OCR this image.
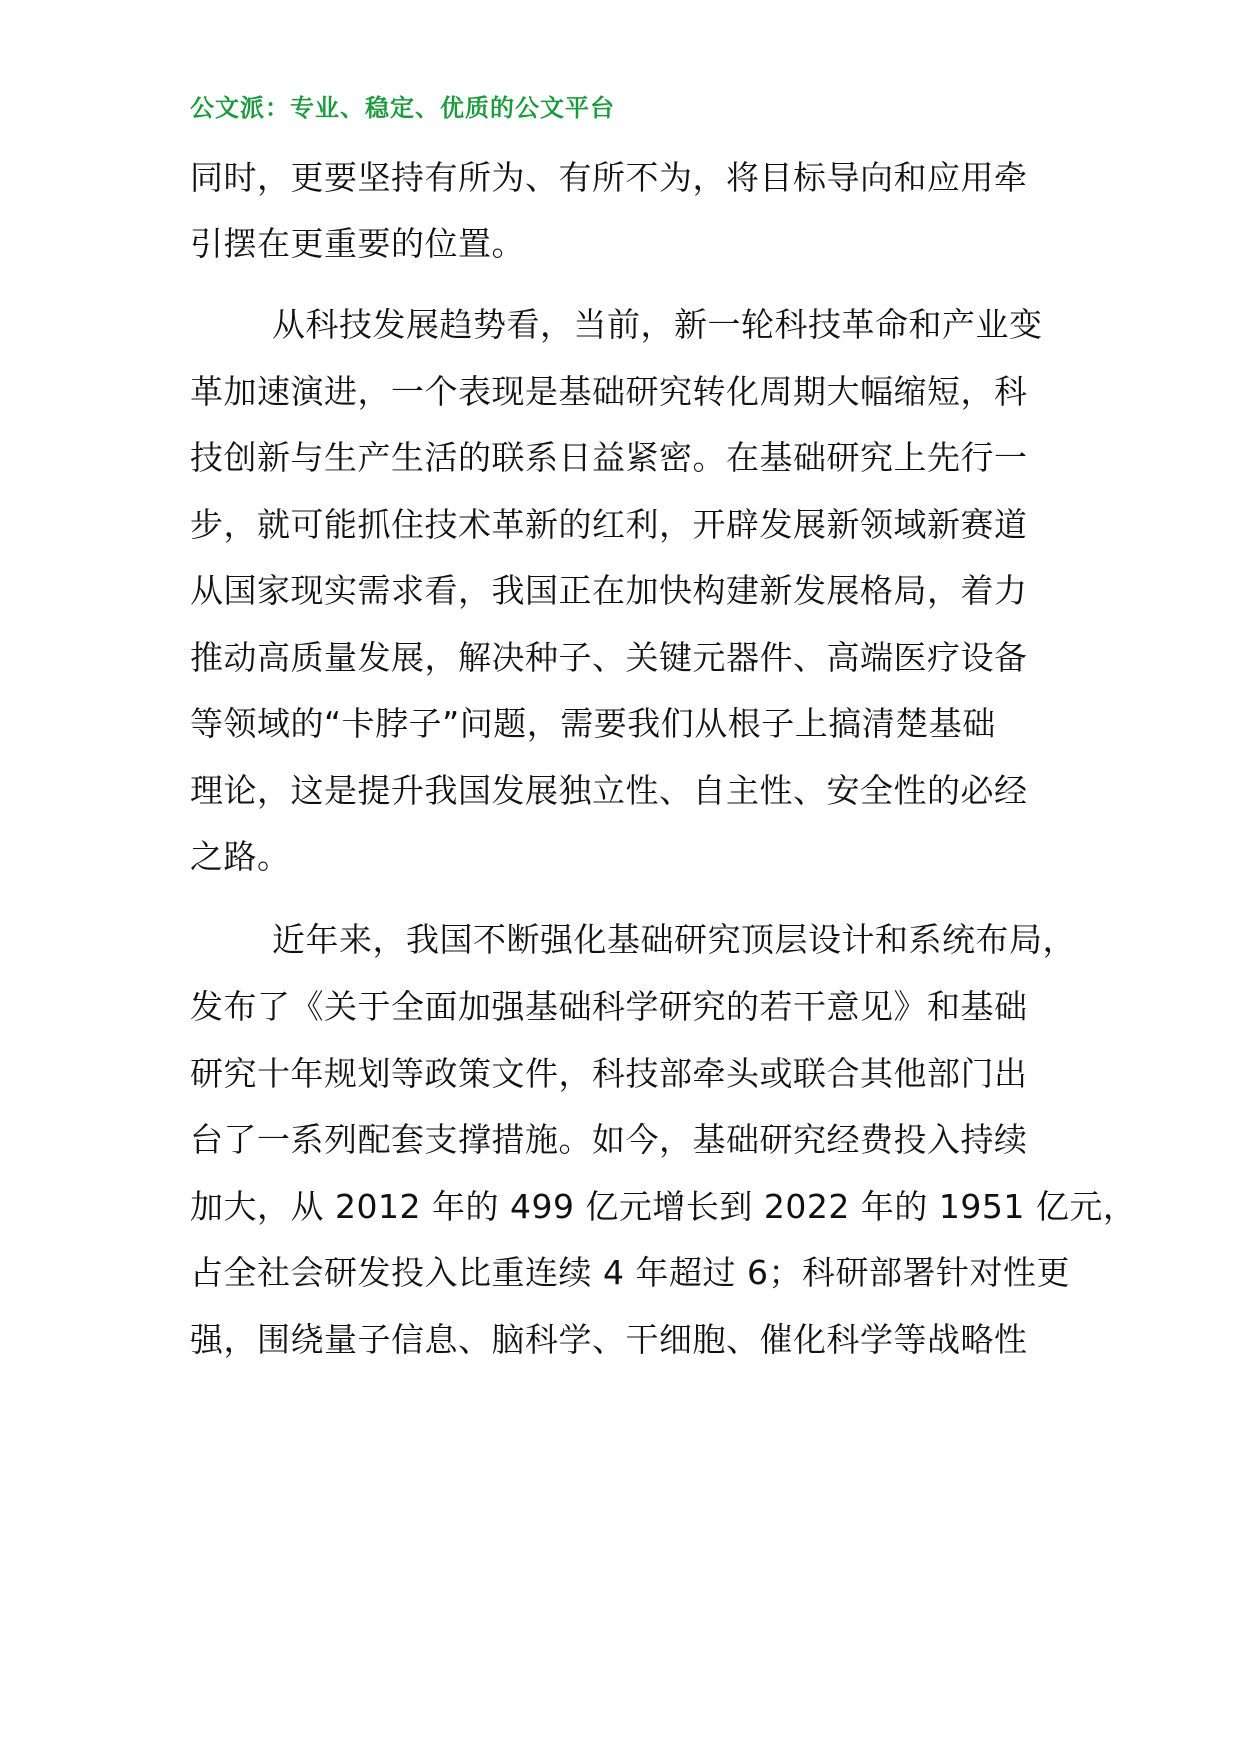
公文派：专业、稳定、优质的公文平台
同时，更要坚持有所为、有所不为，将目标导向和应用牵
引摆在更重要的位置。
从科技发展趋势看，当前，新一轮科技革命和产业变
革加速演进，一个表现是基础研究转化周期大幅缩短，科
技创新与生产生活的联系日益紧密。在基础研究上先行一
步，就可能抓住技术革新的红利，开辟发展新领域新赛道
从国家现实需求看，我国正在加快构建新发展格局，着力
推动高质量发展，解决种子、关键元器件、高端医疗设备
等领域的“卡脖子”问题，需要我们从根子上搞清楚基础
理论，这是提升我国发展独立性、自主性、安全性的必经
之路。
近年来，我国不断强化基础研究顶层设计和系统布局，
发布了《关于全面加强基础科学研究的若干意见》和基础
研究十年规划等政策文件，科技部牵头或联合其他部门出
台了一系列配套支撑措施。如今，基础研究经费投入持续
加大，从 2012 年的 499 亿元增长到 2022 年的 1951 亿元，
占全社会研发投入比重连续 4 年超过 6；科研部署针对性更
强，围绕量子信息、脑科学、干细胞、催化科学等战略性
